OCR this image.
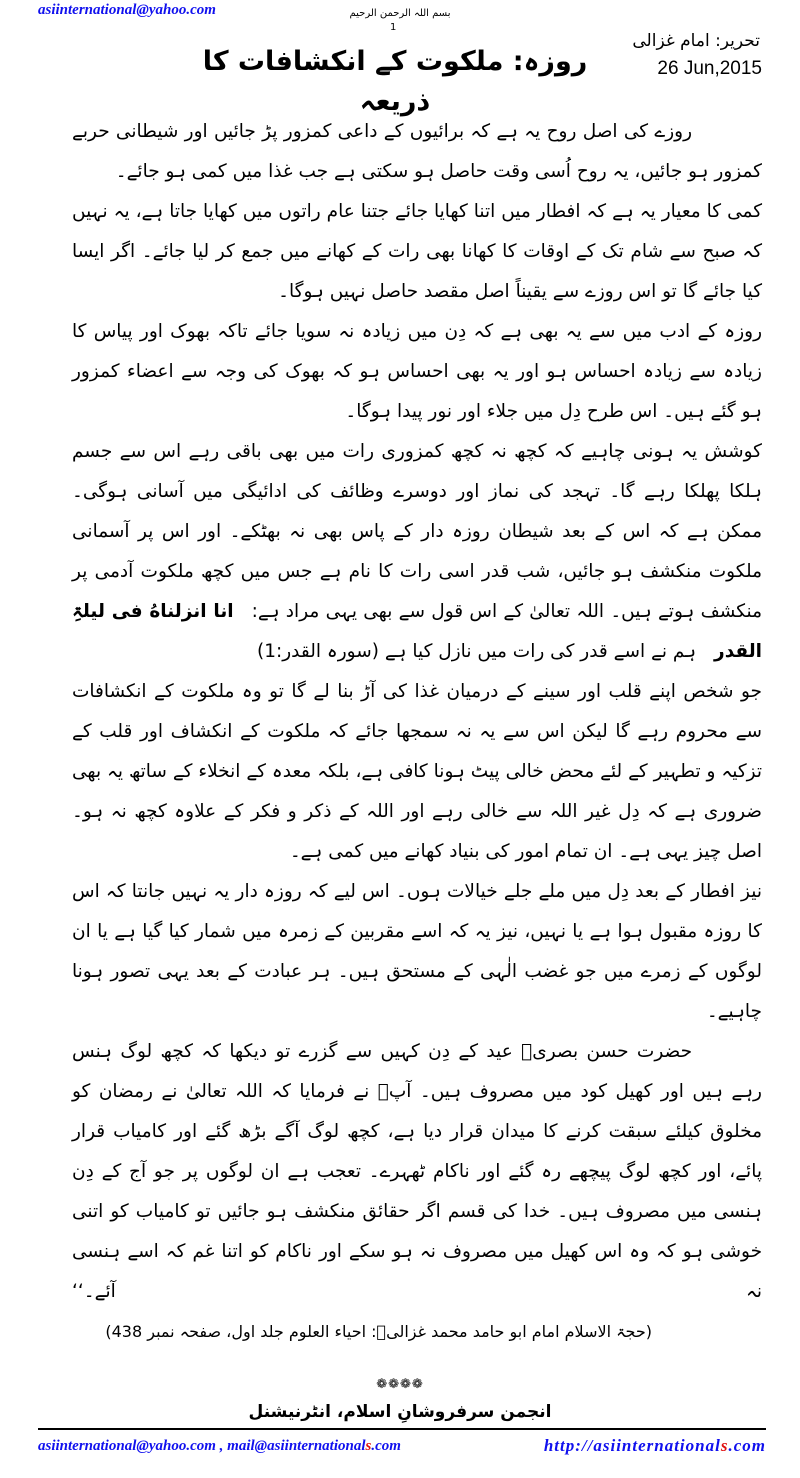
asiinternational@yahoo.com	بسم اللہ الرحمن الرحیم
1
روزہ: ملکوت کے انکشافات کا ذریعہ
تحریر: امام غزالی
26 Jun,2015

روزے کی اصل روح یہ ہے کہ برائیوں کے داعی کمزور پڑ جائیں اور شیطانی حربے کمزور ہو جائیں، یہ روح اُسی وقت حاصل ہو سکتی ہے جب غذا میں کمی ہو جائے۔

کمی کا معیار یہ ہے کہ افطار میں اتنا کھایا جائے جتنا عام راتوں میں کھایا جاتا ہے، یہ نہیں کہ صبح سے شام تک کے اوقات کا کھانا بھی رات کے کھانے میں جمع کر لیا جائے۔ اگر ایسا کیا جائے گا تو اس روزے سے یقیناً اصل مقصد حاصل نہیں ہوگا۔

روزہ کے ادب میں سے یہ بھی ہے کہ دِن میں زیادہ نہ سویا جائے تاکہ بھوک اور پیاس کا زیادہ سے زیادہ احساس ہو اور یہ بھی احساس ہو کہ بھوک کی وجہ سے اعضاء کمزور ہو گئے ہیں۔ اس طرح دِل میں جلاء اور نور پیدا ہوگا۔

کوشش یہ ہونی چاہیے کہ کچھ نہ کچھ کمزوری رات میں بھی باقی رہے اس سے جسم ہلکا پھلکا رہے گا۔ تہجد کی نماز اور دوسرے وظائف کی ادائیگی میں آسانی ہوگی۔ ممکن ہے کہ اس کے بعد شیطان روزہ دار کے پاس بھی نہ بھٹکے۔ اور اس پر آسمانی ملکوت منکشف ہو جائیں، شب قدر اسی رات کا نام ہے جس میں کچھ ملکوت آدمی پر منکشف ہوتے ہیں۔ اللہ تعالیٰ کے اس قول سے بھی یہی مراد ہے:انا انزلناهُ فی لیلۃِ القدرہم نے اسے قدر کی رات میں نازل کیا ہے (سورہ القدر:1)

جو شخص اپنے قلب اور سینے کے درمیان غذا کی آڑ بنا لے گا تو وہ ملکوت کے انکشافات سے محروم رہے گا لیکن اس سے یہ نہ سمجھا جائے کہ ملکوت کے انکشاف اور قلب کے تزکیہ و تطہیر کے لئے محض خالی پیٹ ہونا کافی ہے، بلکہ معدہ کے انخلاء کے ساتھ یہ بھی ضروری ہے کہ دِل غیر اللہ سے خالی رہے اور اللہ کے ذکر و فکر کے علاوہ کچھ نہ ہو۔ اصل چیز یہی ہے۔ ان تمام امور کی بنیاد کھانے میں کمی ہے۔

نیز افطار کے بعد دِل میں ملے جلے خیالات ہوں۔ اس لیے کہ روزہ دار یہ نہیں جانتا کہ اس کا روزہ مقبول ہوا ہے یا نہیں، نیز یہ کہ اسے مقربین کے زمرہ میں شمار کیا گیا ہے یا ان لوگوں کے زمرے میں جو غضب الٰہی کے مستحق ہیں۔ ہر عبادت کے بعد یہی تصور ہونا چاہیے۔

حضرت حسن بصریؒ عید کے دِن کہیں سے گزرے تو دیکھا کہ کچھ لوگ ہنس رہے ہیں اور کھیل کود میں مصروف ہیں۔ آپؒ نے فرمایا کہ اللہ تعالیٰ نے رمضان کو مخلوق کیلئے سبقت کرنے کا میدان قرار دیا ہے، کچھ لوگ آگے بڑھ گئے اور کامیاب قرار پائے، اور کچھ لوگ پیچھے رہ گئے اور ناکام ٹھہرے۔ تعجب ہے ان لوگوں پر جو آج کے دِن ہنسی میں مصروف ہیں۔ خدا کی قسم اگر حقائق منکشف ہو جائیں تو کامیاب کو اتنی خوشی ہو کہ وہ اس کھیل میں مصروف نہ ہو سکے اور ناکام کو اتنا غم کہ اسے ہنسی نہ آئے۔‘‘(حجۃ الاسلام امام ابو حامد محمد غزالیؒ: احیاء العلوم جلد اول، صفحہ نمبر 438)

❁❁❁❁
انجمن سرفروشانِ اسلام، انٹرنیشنل
asiinternational@yahoo.com , mail@asiinternationals.com	http://asiinternationals.com
